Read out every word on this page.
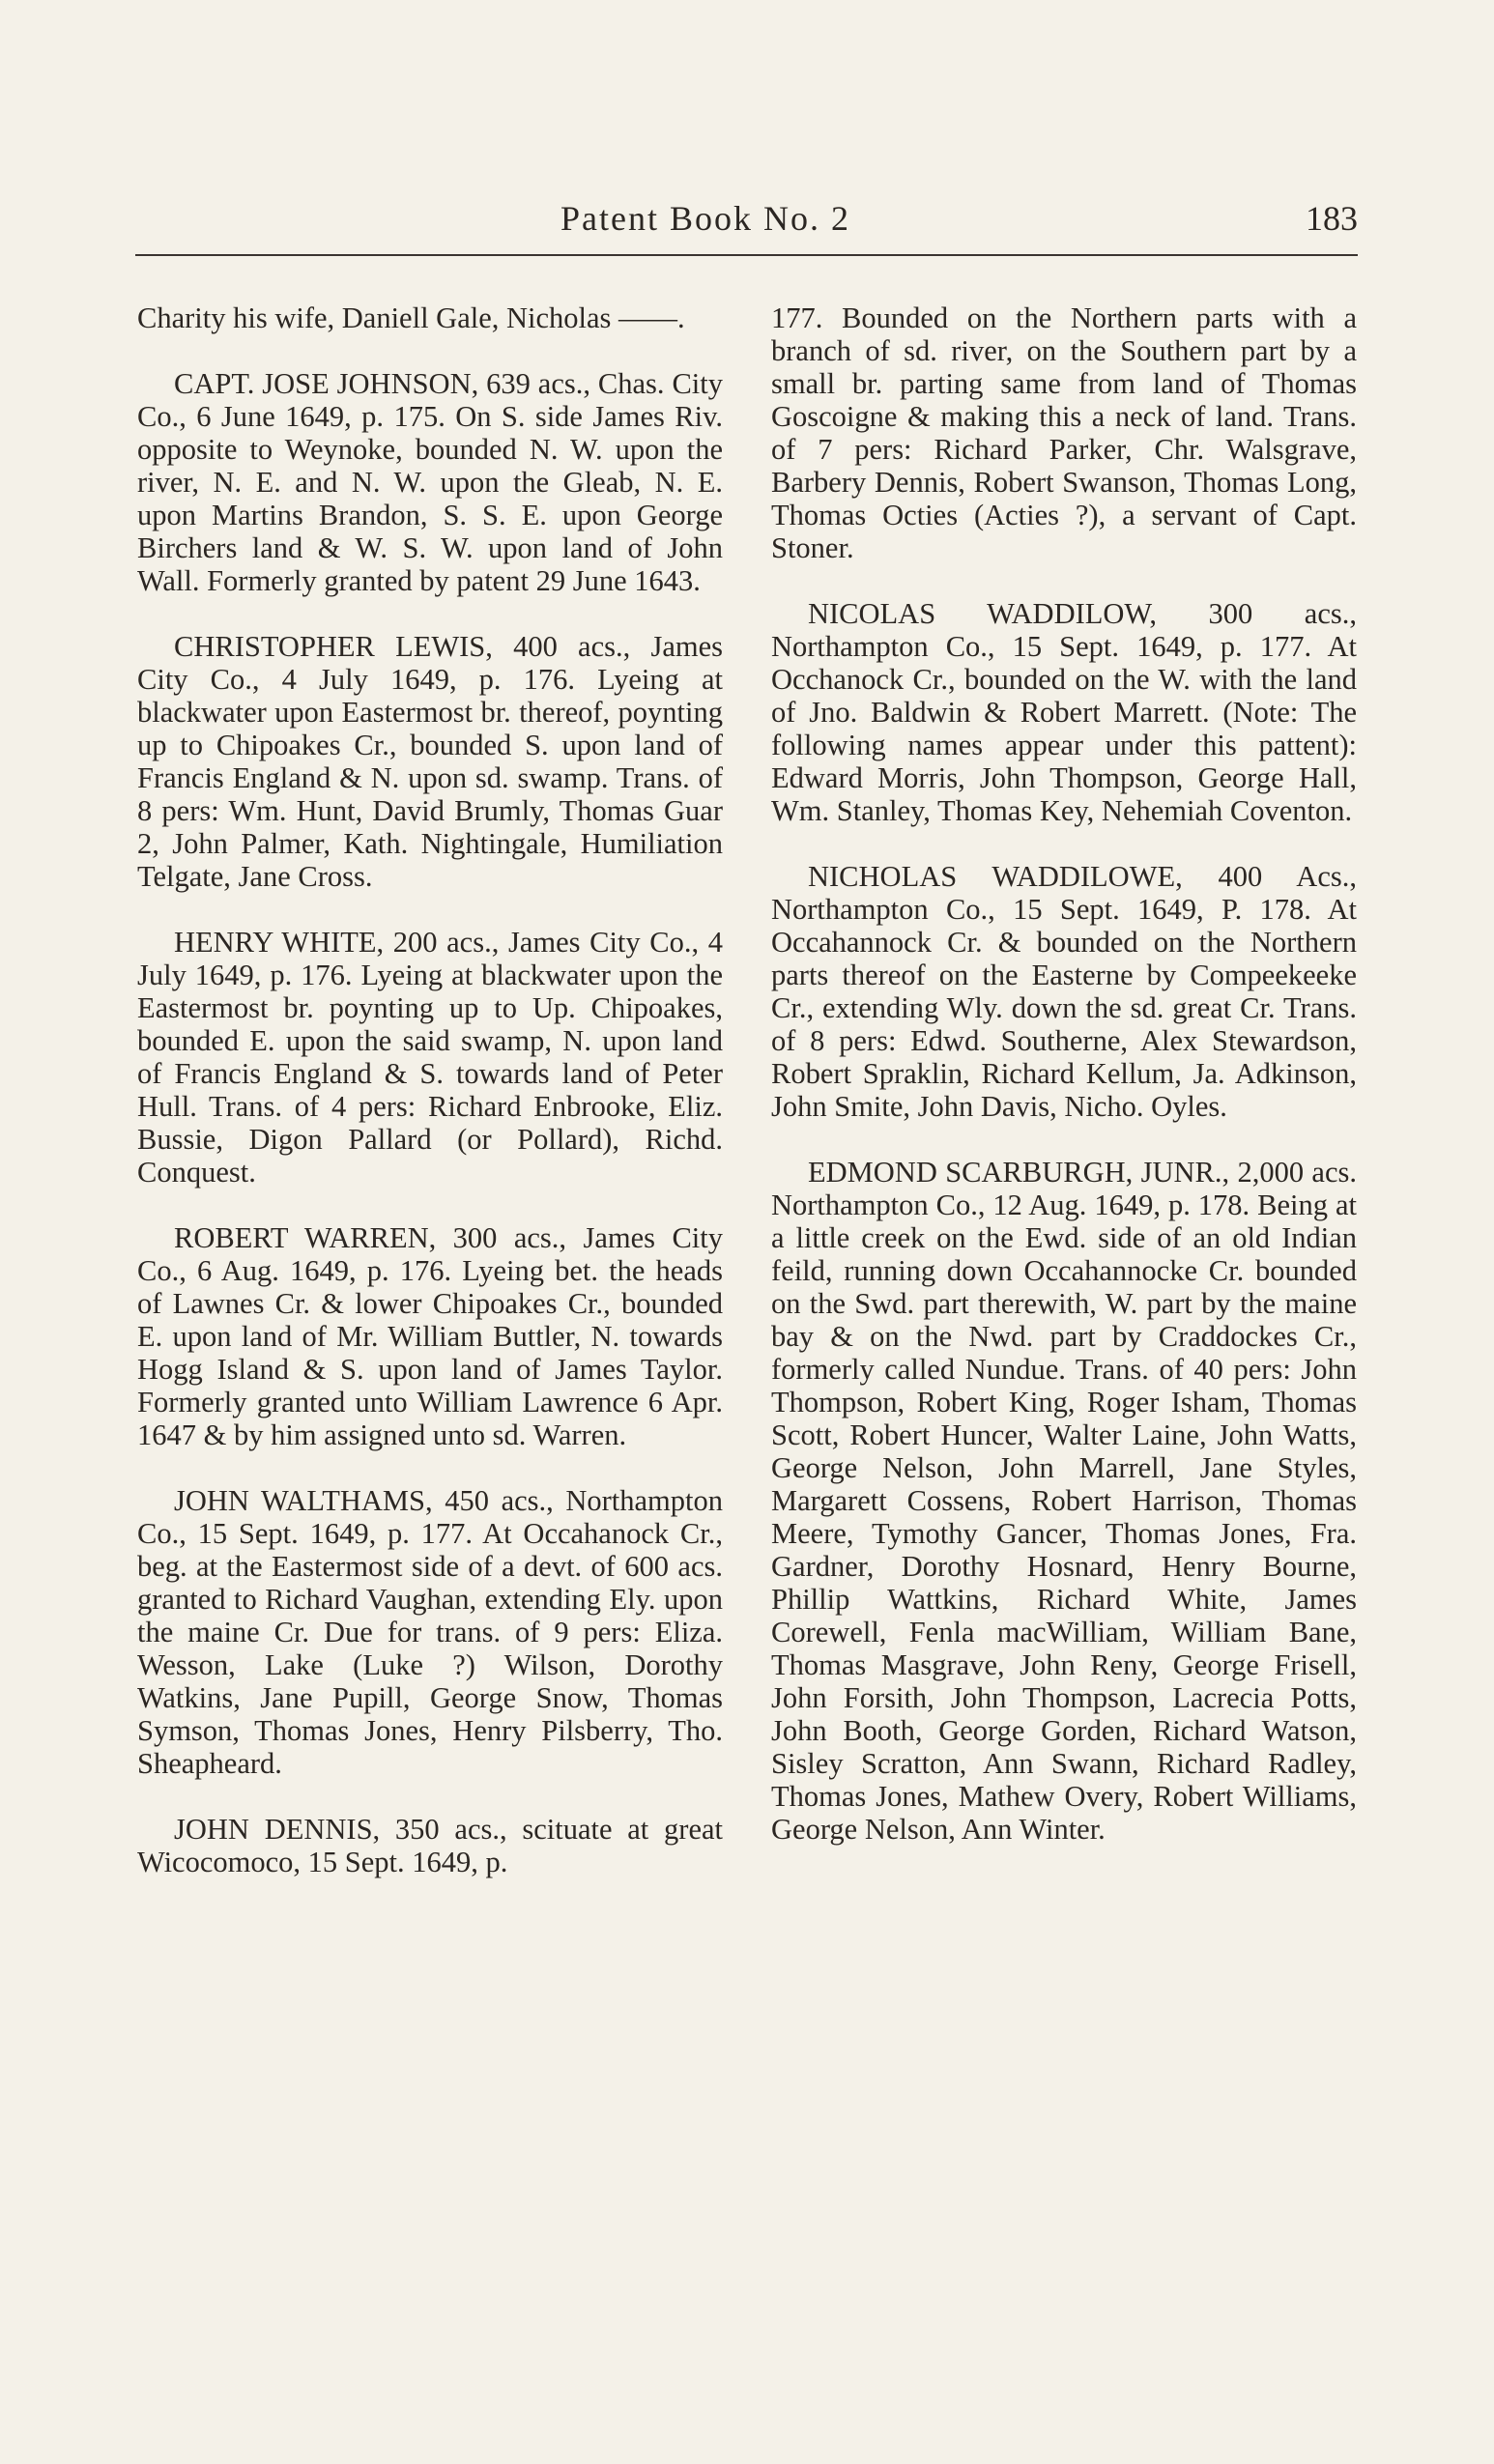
Patent Book No. 2	183

Charity his wife, Daniell Gale, Nicholas ——.

CAPT. JOSE JOHNSON, 639 acs., Chas. City Co., 6 June 1649, p. 175. On S. side James Riv. opposite to Weynoke, bounded N. W. upon the river, N. E. and N. W. upon the Gleab, N. E. upon Martins Brandon, S. S. E. upon George Birchers land & W. S. W. upon land of John Wall. Formerly granted by patent 29 June 1643.

CHRISTOPHER LEWIS, 400 acs., James City Co., 4 July 1649, p. 176. Lyeing at blackwater upon Eastermost br. thereof, poynting up to Chipoakes Cr., bounded S. upon land of Francis England & N. upon sd. swamp. Trans. of 8 pers: Wm. Hunt, David Brumly, Thomas Guar 2, John Palmer, Kath. Nightingale, Humiliation Telgate, Jane Cross.

HENRY WHITE, 200 acs., James City Co., 4 July 1649, p. 176. Lyeing at blackwater upon the Eastermost br. poynting up to Up. Chipoakes, bounded E. upon the said swamp, N. upon land of Francis England & S. towards land of Peter Hull. Trans. of 4 pers: Richard Enbrooke, Eliz. Bussie, Digon Pallard (or Pollard), Richd. Conquest.

ROBERT WARREN, 300 acs., James City Co., 6 Aug. 1649, p. 176. Lyeing bet. the heads of Lawnes Cr. & lower Chipoakes Cr., bounded E. upon land of Mr. William Buttler, N. towards Hogg Island & S. upon land of James Taylor. Formerly granted unto William Lawrence 6 Apr. 1647 & by him assigned unto sd. Warren.

JOHN WALTHAMS, 450 acs., Northampton Co., 15 Sept. 1649, p. 177. At Occahanock Cr., beg. at the Eastermost side of a devt. of 600 acs. granted to Richard Vaughan, extending Ely. upon the maine Cr. Due for trans. of 9 pers: Eliza. Wesson, Lake (Luke ?) Wilson, Dorothy Watkins, Jane Pupill, George Snow, Thomas Symson, Thomas Jones, Henry Pilsberry, Tho. Sheapheard.

JOHN DENNIS, 350 acs., scituate at great Wicocomoco, 15 Sept. 1649, p.

177. Bounded on the Northern parts with a branch of sd. river, on the Southern part by a small br. parting same from land of Thomas Goscoigne & making this a neck of land. Trans. of 7 pers: Richard Parker, Chr. Walsgrave, Barbery Dennis, Robert Swanson, Thomas Long, Thomas Octies (Acties ?), a servant of Capt. Stoner.

NICOLAS WADDILOW, 300 acs., Northampton Co., 15 Sept. 1649, p. 177. At Occhanock Cr., bounded on the W. with the land of Jno. Baldwin & Robert Marrett. (Note: The following names appear under this pattent): Edward Morris, John Thompson, George Hall, Wm. Stanley, Thomas Key, Nehemiah Coventon.

NICHOLAS WADDILOWE, 400 Acs., Northampton Co., 15 Sept. 1649, P. 178. At Occahannock Cr. & bounded on the Northern parts thereof on the Easterne by Compeekeeke Cr., extending Wly. down the sd. great Cr. Trans. of 8 pers: Edwd. Southerne, Alex Stewardson, Robert Spraklin, Richard Kellum, Ja. Adkinson, John Smite, John Davis, Nicho. Oyles.

EDMOND SCARBURGH, JUNR., 2,000 acs. Northampton Co., 12 Aug. 1649, p. 178. Being at a little creek on the Ewd. side of an old Indian feild, running down Occahannocke Cr. bounded on the Swd. part therewith, W. part by the maine bay & on the Nwd. part by Craddockes Cr., formerly called Nundue. Trans. of 40 pers: John Thompson, Robert King, Roger Isham, Thomas Scott, Robert Huncer, Walter Laine, John Watts, George Nelson, John Marrell, Jane Styles, Margarett Cossens, Robert Harrison, Thomas Meere, Tymothy Gancer, Thomas Jones, Fra. Gardner, Dorothy Hosnard, Henry Bourne, Phillip Wattkins, Richard White, James Corewell, Fenla macWilliam, William Bane, Thomas Masgrave, John Reny, George Frisell, John Forsith, John Thompson, Lacrecia Potts, John Booth, George Gorden, Richard Watson, Sisley Scratton, Ann Swann, Richard Radley, Thomas Jones, Mathew Overy, Robert Williams, George Nelson, Ann Winter.
